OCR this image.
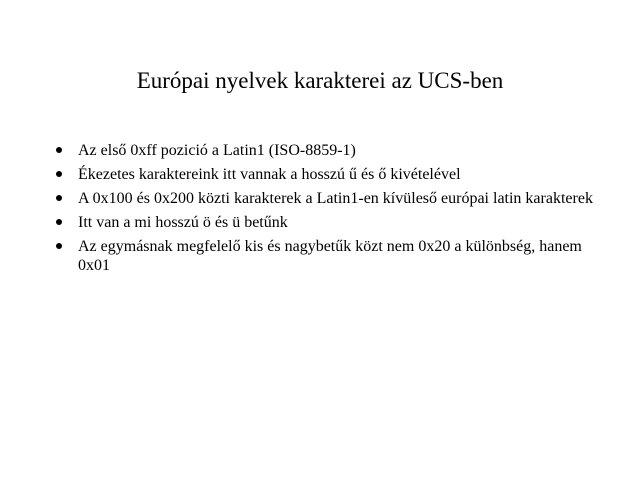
Európai nyelvek karakterei az UCS-ben
Az első 0xff pozició a Latin1 (ISO-8859-1)
Ékezetes karaktereink itt vannak a hosszú ű és ő kivételével
A 0x100 és 0x200 közti karakterek a Latin1-en kívüleső európai latin karakterek
Itt van a mi hosszú ö és ü betűnk
Az egymásnak megfelelő kis és nagybetűk közt nem 0x20 a különbség, hanem 0x01
